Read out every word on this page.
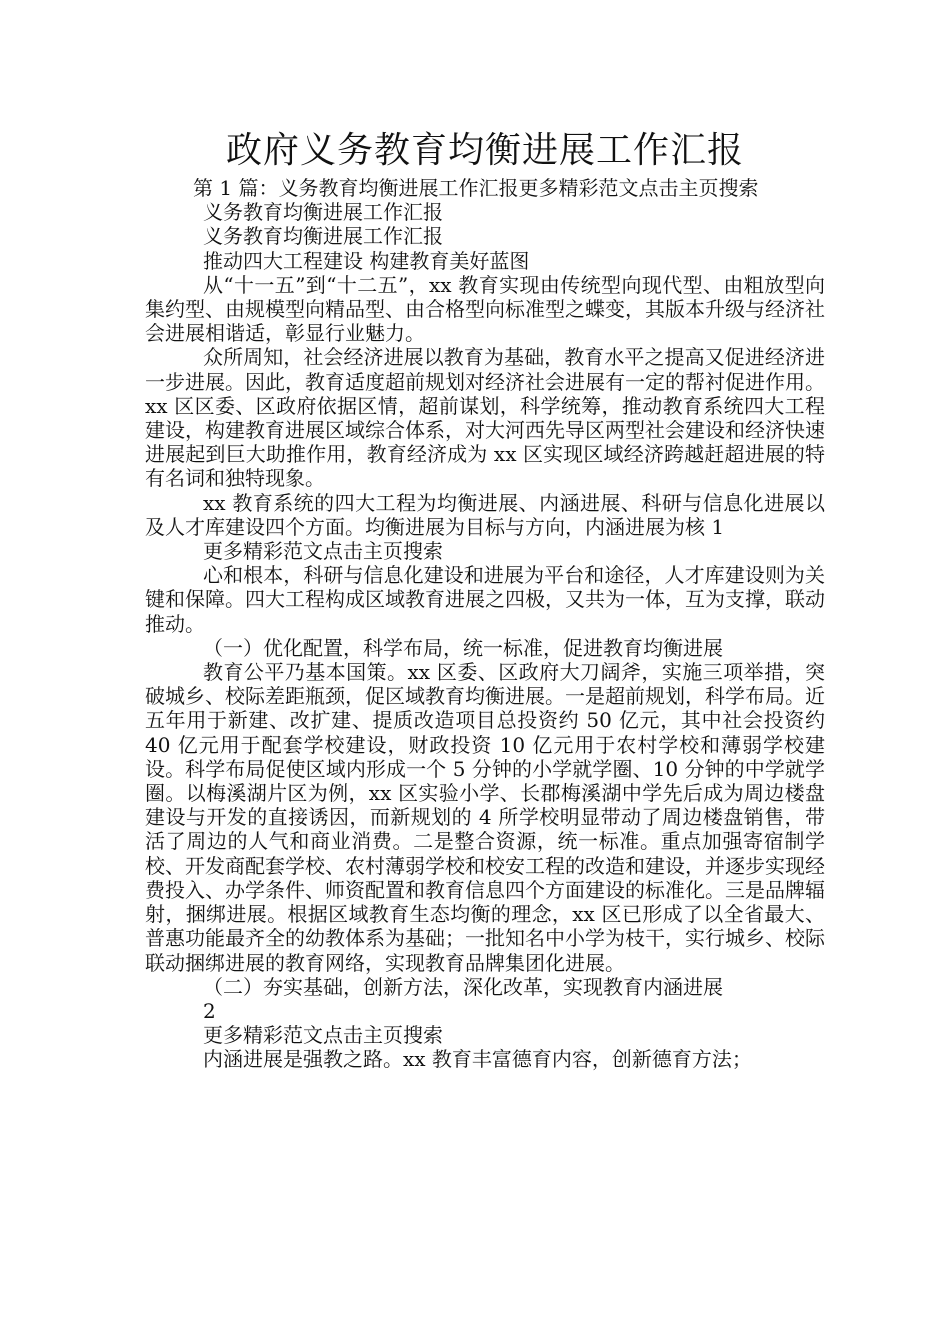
政府义务教育均衡进展工作汇报

第 1 篇：义务教育均衡进展工作汇报更多精彩范文点击主页搜索

义务教育均衡进展工作汇报

义务教育均衡进展工作汇报

推动四大工程建设 构建教育美好蓝图

从“十一五”到“十二五”，xx 教育实现由传统型向现代型、由粗放型向集约型、由规模型向精品型、由合格型向标准型之蝶变，其版本升级与经济社会进展相谐适，彰显行业魅力。

众所周知，社会经济进展以教育为基础，教育水平之提高又促进经济进一步进展。因此，教育适度超前规划对经济社会进展有一定的帮衬促进作用。xx 区区委、区政府依据区情，超前谋划，科学统筹，推动教育系统四大工程建设，构建教育进展区域综合体系，对大河西先导区两型社会建设和经济快速进展起到巨大助推作用，教育经济成为 xx 区实现区域经济跨越赶超进展的特有名词和独特现象。

xx 教育系统的四大工程为均衡进展、内涵进展、科研与信息化进展以及人才库建设四个方面。均衡进展为目标与方向，内涵进展为核 1

更多精彩范文点击主页搜索

心和根本，科研与信息化建设和进展为平台和途径，人才库建设则为关键和保障。四大工程构成区域教育进展之四极，又共为一体，互为支撑，联动推动。

（一）优化配置，科学布局，统一标准，促进教育均衡进展

教育公平乃基本国策。xx 区委、区政府大刀阔斧，实施三项举措，突破城乡、校际差距瓶颈，促区域教育均衡进展。一是超前规划，科学布局。近五年用于新建、改扩建、提质改造项目总投资约 50 亿元，其中社会投资约 40 亿元用于配套学校建设，财政投资 10 亿元用于农村学校和薄弱学校建设。科学布局促使区域内形成一个 5 分钟的小学就学圈、10 分钟的中学就学圈。以梅溪湖片区为例，xx 区实验小学、长郡梅溪湖中学先后成为周边楼盘建设与开发的直接诱因，而新规划的 4 所学校明显带动了周边楼盘销售，带活了周边的人气和商业消费。二是整合资源，统一标准。重点加强寄宿制学校、开发商配套学校、农村薄弱学校和校安工程的改造和建设，并逐步实现经费投入、办学条件、师资配置和教育信息四个方面建设的标准化。三是品牌辐射，捆绑进展。根据区域教育生态均衡的理念，xx 区已形成了以全省最大、普惠功能最齐全的幼教体系为基础；一批知名中小学为枝干，实行城乡、校际联动捆绑进展的教育网络，实现教育品牌集团化进展。

（二）夯实基础，创新方法，深化改革，实现教育内涵进展

2

更多精彩范文点击主页搜索

内涵进展是强教之路。xx 教育丰富德育内容，创新德育方法；
